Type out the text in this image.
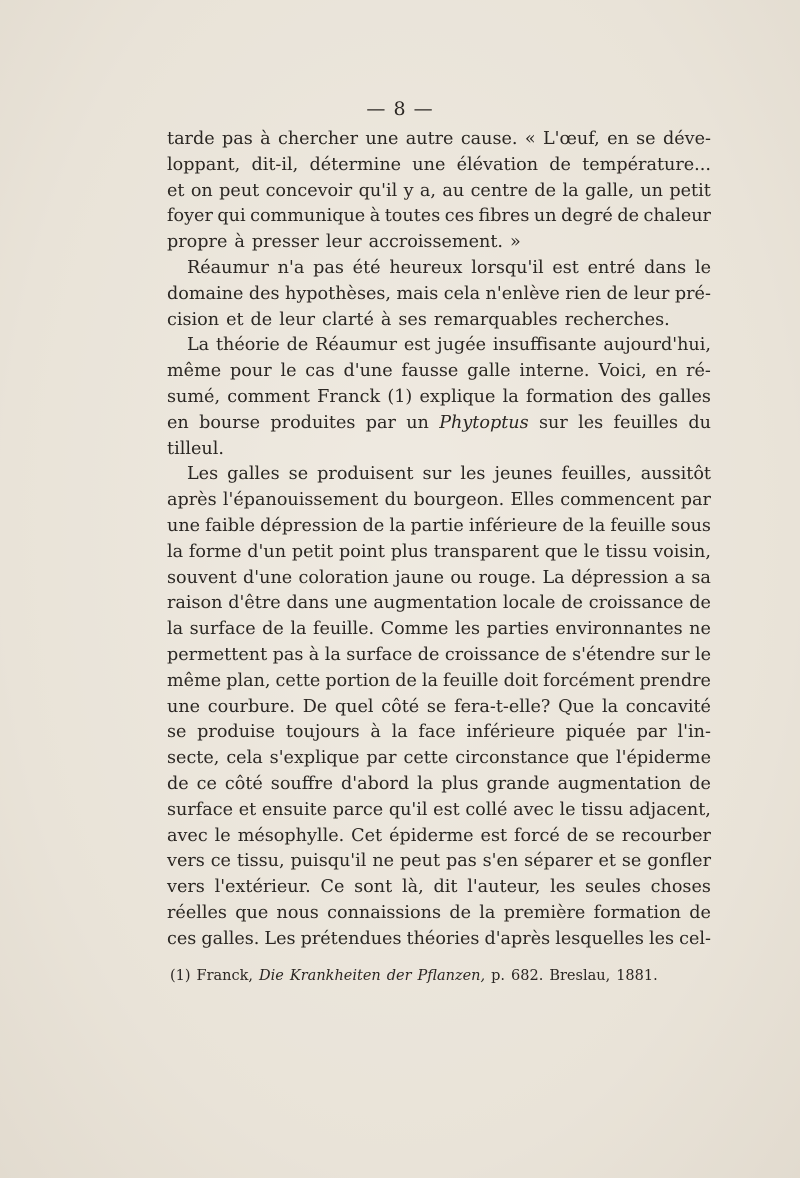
— 8 —
tarde pas à chercher une autre cause. « L'œuf, en se déve-
loppant, dit-il, détermine une élévation de température...
et on peut concevoir qu'il y a, au centre de la galle, un petit
foyer qui communique à toutes ces fibres un degré de chaleur
propre à presser leur accroissement. »
Réaumur n'a pas été heureux lorsqu'il est entré dans le
domaine des hypothèses, mais cela n'enlève rien de leur pré-
cision et de leur clarté à ses remarquables recherches.
La théorie de Réaumur est jugée insuffisante aujourd'hui,
même pour le cas d'une fausse galle interne. Voici, en ré-
sumé, comment Franck (1) explique la formation des galles
en bourse produites par un Phytoptus sur les feuilles du
tilleul.
Les galles se produisent sur les jeunes feuilles, aussitôt
après l'épanouissement du bourgeon. Elles commencent par
une faible dépression de la partie inférieure de la feuille sous
la forme d'un petit point plus transparent que le tissu voisin,
souvent d'une coloration jaune ou rouge. La dépression a sa
raison d'être dans une augmentation locale de croissance de
la surface de la feuille. Comme les parties environnantes ne
permettent pas à la surface de croissance de s'étendre sur le
même plan, cette portion de la feuille doit forcément prendre
une courbure. De quel côté se fera-t-elle? Que la concavité
se produise toujours à la face inférieure piquée par l'in-
secte, cela s'explique par cette circonstance que l'épiderme
de ce côté souffre d'abord la plus grande augmentation de
surface et ensuite parce qu'il est collé avec le tissu adjacent,
avec le mésophylle. Cet épiderme est forcé de se recourber
vers ce tissu, puisqu'il ne peut pas s'en séparer et se gonfler
vers l'extérieur. Ce sont là, dit l'auteur, les seules choses
réelles que nous connaissions de la première formation de
ces galles. Les prétendues théories d'après lesquelles les cel-
(1) Franck, Die Krankheiten der Pflanzen, p. 682. Breslau, 1881.
